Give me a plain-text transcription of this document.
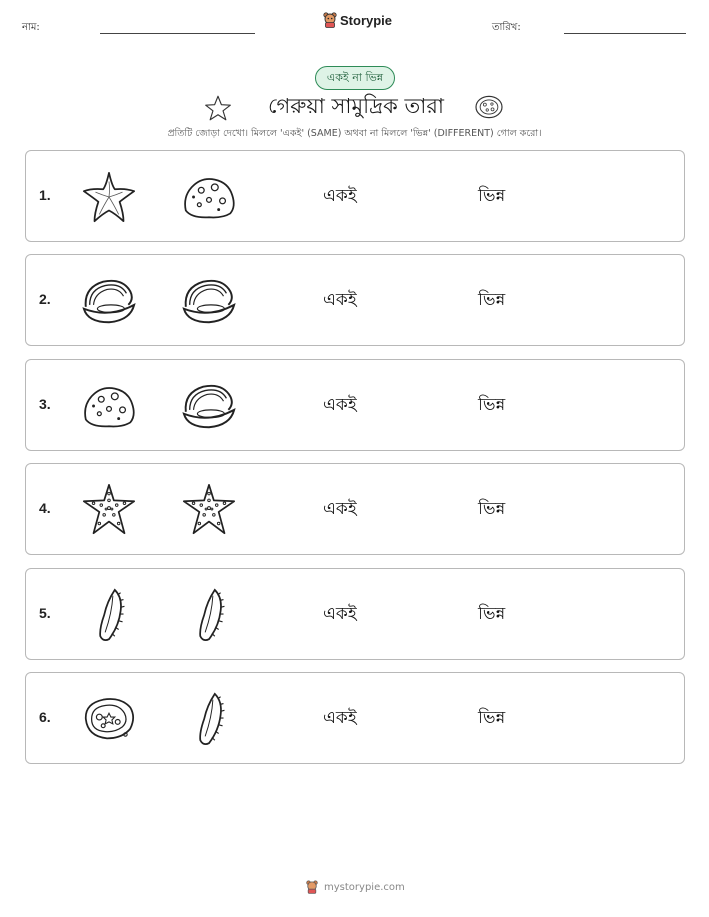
নাম:	Storypie	তারিখ:
একই না ভিন্ন
গেরুয়া সামুদ্রিক তারা
প্রতিটি জোড়া দেখো। মিললে 'একই' (SAME) অথবা না মিললে 'ভিন্ন' (DIFFERENT) গোল করো।
1.	একই	ভিন্ন
2.	একই	ভিন্ন
3.	একই	ভিন্ন
4.	একই	ভিন্ন
5.	একই	ভিন্ন
6.	একই	ভিন্ন
mystorypie.com
